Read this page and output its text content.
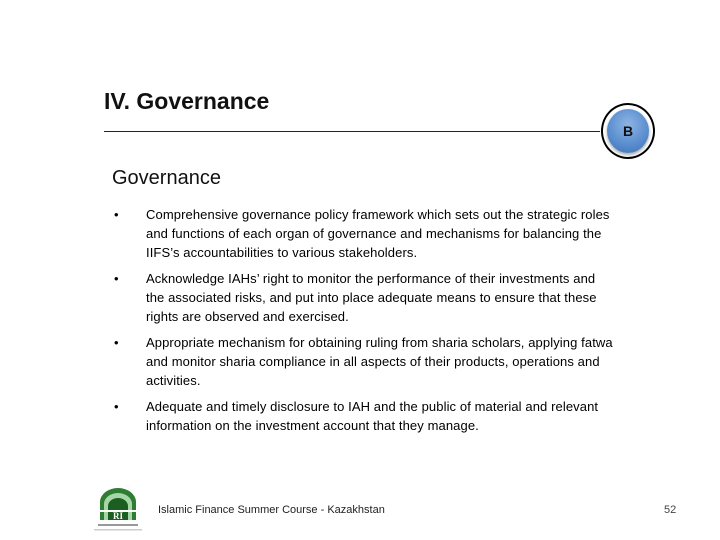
IV. Governance
B
Governance
•	Comprehensive governance policy framework which sets out the strategic roles and functions of each organ of governance and mechanisms for balancing the IIFS’s accountabilities to various stakeholders.
•	Acknowledge IAHs’ right to monitor the performance of their investments and the associated risks, and put into place adequate means to ensure that these rights are observed and exercised.
•	Appropriate mechanism for obtaining ruling from sharia scholars, applying fatwa and monitor sharia compliance in all aspects of their products, operations and activities.
•	Adequate and timely disclosure to IAH and the public of material and relevant information on the investment account that they manage.
RI	Islamic Finance Summer Course - Kazakhstan	52
